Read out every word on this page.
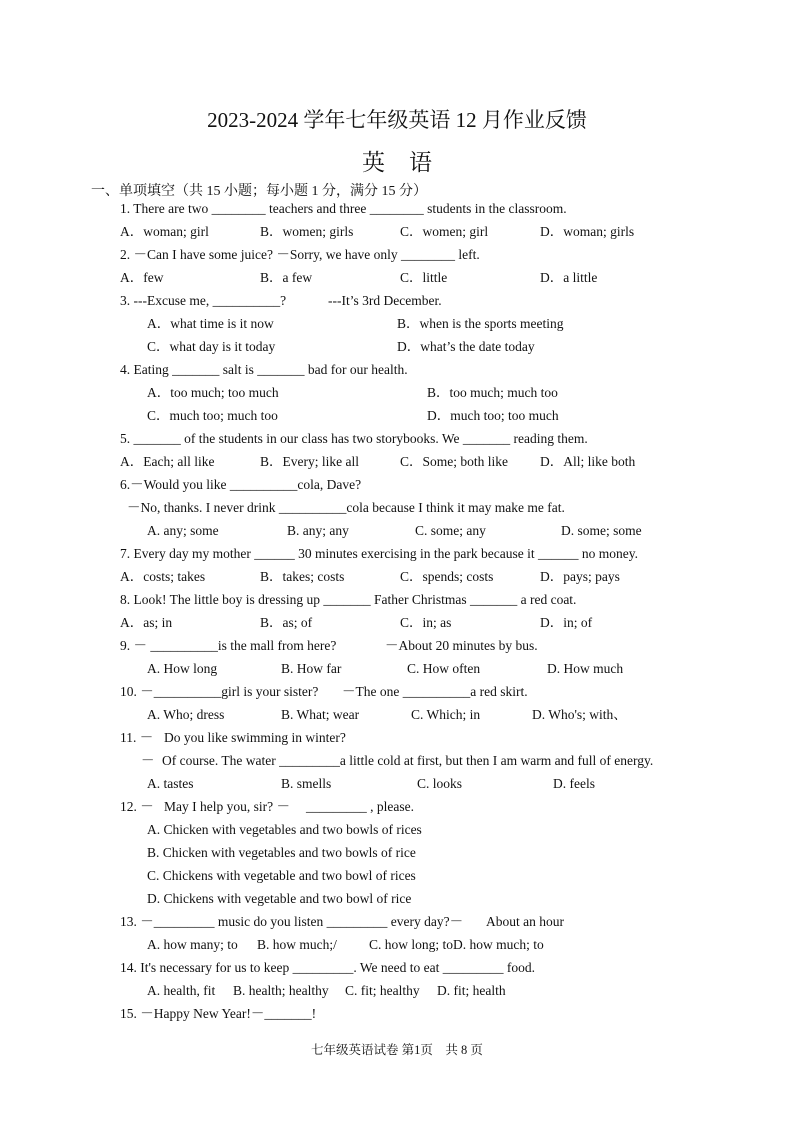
2023-2024 学年七年级英语 12 月作业反馈
英语
一、单项填空（共 15 小题；每小题 1 分，满分 15 分）
1. There are two ________ teachers and three ________ students in the classroom.
A．woman; girl	B．women; girls	C．women; girl	D．woman; girls
2. －Can I have some juice? －Sorry, we have only ________ left.
A．few	B．a few	C．little	D．a little
3. ---Excuse me, __________?	---It’s 3rd December.
A．what time is it now	B．when is the sports meeting
C．what day is it today	D．what’s the date today
4. Eating _______ salt is _______ bad for our health.
A．too much; too much	B．too much; much too
C．much too; much too	D．much too; too much
5. _______ of the students in our class has two storybooks. We _______ reading them.
A．Each; all like	B．Every; like all	C．Some; both like D．All; like both
6.－Would you like __________cola, Dave?
－No, thanks. I never drink __________cola because I think it may make me fat.
A. any; some	B. any; any	C. some; any	D. some; some
7. Every day my mother ______ 30 minutes exercising in the park because it ______ no money.
A．costs; takes	B．takes; costs	C．spends; costs	D．pays; pays
8. Look! The little boy is dressing up _______ Father Christmas _______ a red coat.
A．as; in	B．as; of	C．in; as	D．in; of
9. － __________is the mall from here?	－About 20 minutes by bus.
A. How long	B. How far	C. How often	D. How much
10. －__________girl is your sister? －The one __________a red skirt.
A. Who; dress	B. What; wear	C. Which; in	D. Who's; with、
11. － Do you like swimming in winter?
－ Of course. The water _________a little cold at first, but then I am warm and full of energy.
A. tastes	B. smells	C. looks	D. feels
12. － May I help you, sir? － _________ , please.
A. Chicken with vegetables and two bowls of rices
B. Chicken with vegetables and two bowls of rice
C. Chickens with vegetable and two bowl of rices
D. Chickens with vegetable and two bowl of rice
13. －_________ music do you listen _________ every day?－ About an hour
A. how many; to B. how much;/ C. how long; to D. how much; to
14. It's necessary for us to keep _________. We need to eat _________ food.
A. health, fit B. health; healthy C. fit; healthy D. fit; health
15. －Happy New Year!－_______!
七年级英语试卷 第1页　共 8 页
